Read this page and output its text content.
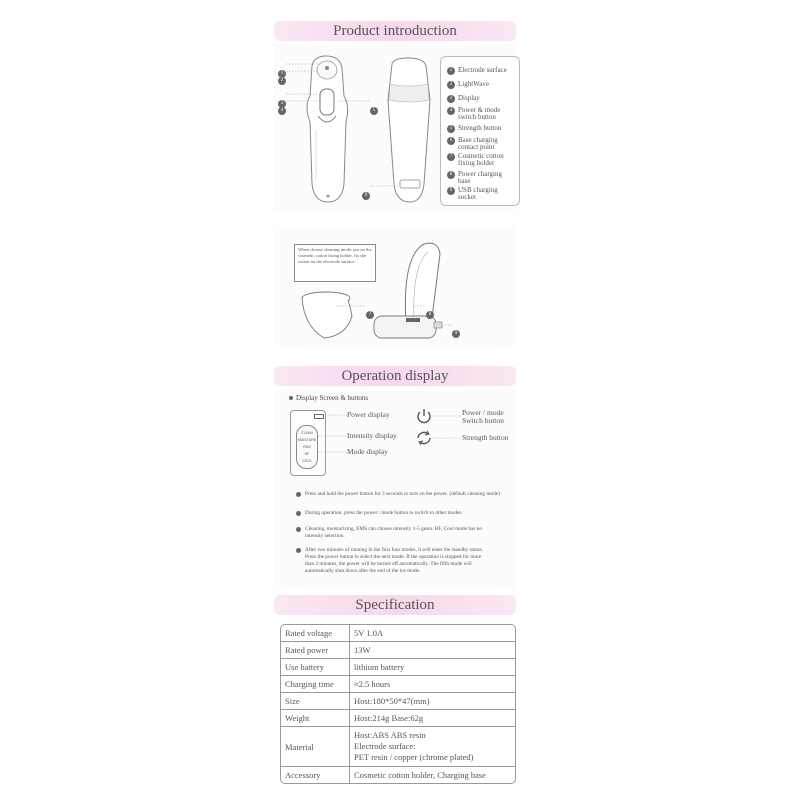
Product introduction
1
2
3
4	5
6
1 Electrode surface
2 LightWave
3 Display
4 Power & mode switch button
5 Strength button
6 Base charging contact point
7 Cosmetic cotton fixing holder
8 Power charging base
9 USB charging socket
7	8
9
When choose cleaning mode, put on the cosmetic cotton fixing holder, fix the cotton on the electrode surface.
Operation display
Display Screen & buttons
CLEAN
MOISTURE
EMS
RF
COOL
Power display
Intensity display
Mode display
Power / mode Switch button
Strength button
Press and hold the power button for 3 seconds to turn on the power. (default cleaning mode)
During operation, press the power / mode button to switch to other modes.
Cleaning, moisturizing, EMS can choose intensity 1-5 gears. RF, Cool mode has no intensity selection.
After two minutes of running in the first four modes, it will enter the standby status. Press the power button to select the next mode. If the operation is stopped for more than 2 minutes, the power will be turned off automatically. The fifth mode will automatically shut down after the end of the ice mode.
Specification
Rated voltage	5V 1.0A
Rated power	13W
Use battery	lithium battery
Charging time	≈2.5 hours
Size	Host:180*50*47(mm)
Weight	Host:214g Base:62g
Material	Host:ABS ABS resin
Electrode surface:
PET resin / copper (chrome plated)
Accessory	Cosmetic cotton holder, Charging base
